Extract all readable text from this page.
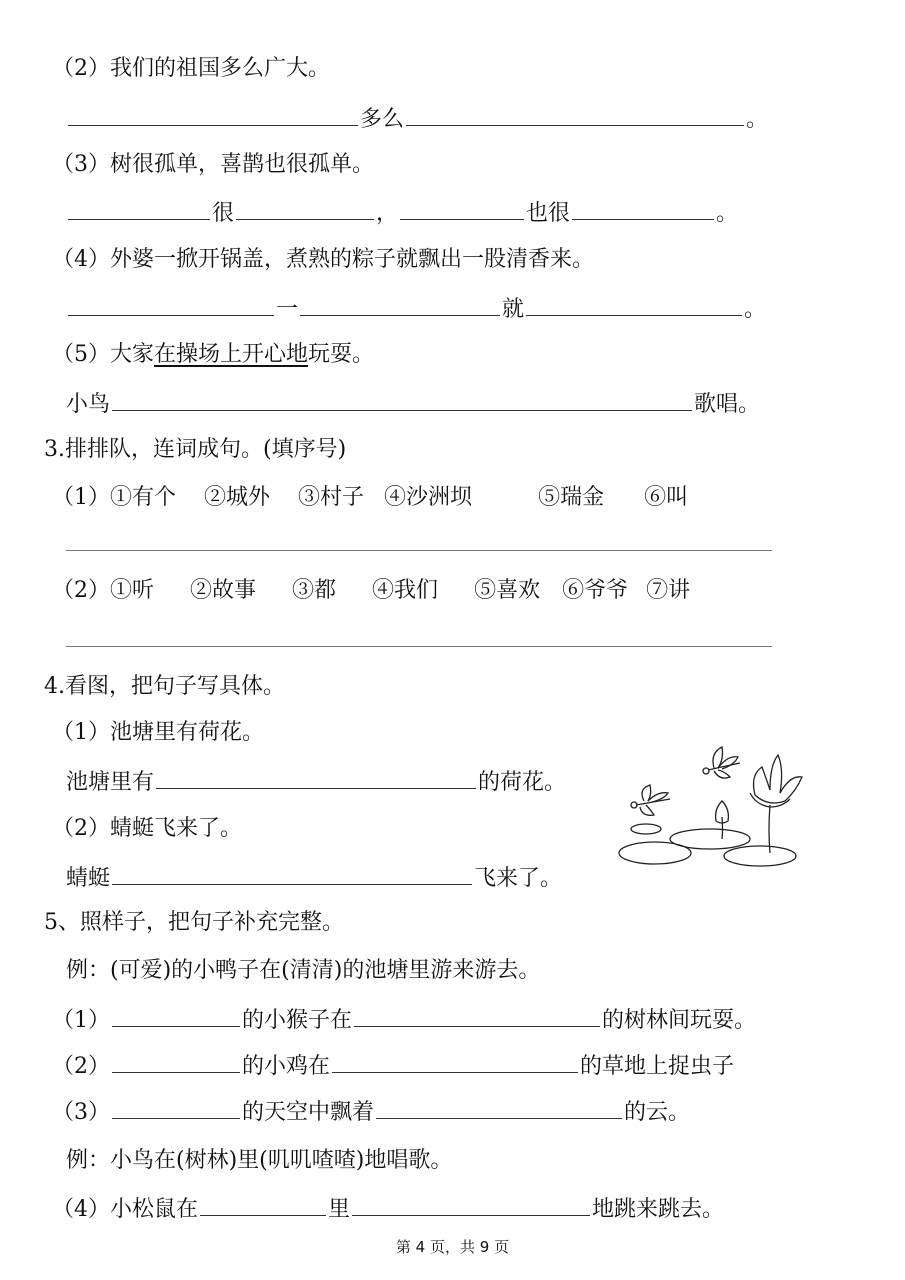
（2）我们的祖国多么广大。
多么	。
（3）树很孤单，喜鹊也很孤单。
很	，	也很	。
（4）外婆一掀开锅盖，煮熟的粽子就飘出一股清香来。
一	就	。
（5）大家在操场上开心地玩耍。
小鸟	歌唱。
3.排排队，连词成句。(填序号)
（1）①有个 ②城外 ③村子 ④沙洲坝	⑤瑞金 ⑥叫
（2）①听 ②故事 ③都 ④我们 ⑤喜欢 ⑥爷爷 ⑦讲
4.看图，把句子写具体。
（1）池塘里有荷花。
池塘里有	的荷花。
（2）蜻蜓飞来了。
蜻蜓	飞来了。
5、照样子，把句子补充完整。
例：(可爱)的小鸭子在(清清)的池塘里游来游去。
（1）	的小猴子在	的树林间玩耍。
（2）	的小鸡在	的草地上捉虫子
（3）	的天空中飘着	的云。
例：小鸟在(树林)里(叽叽喳喳)地唱歌。
（4）小松鼠在	里	地跳来跳去。
第 4 页，共 9 页
